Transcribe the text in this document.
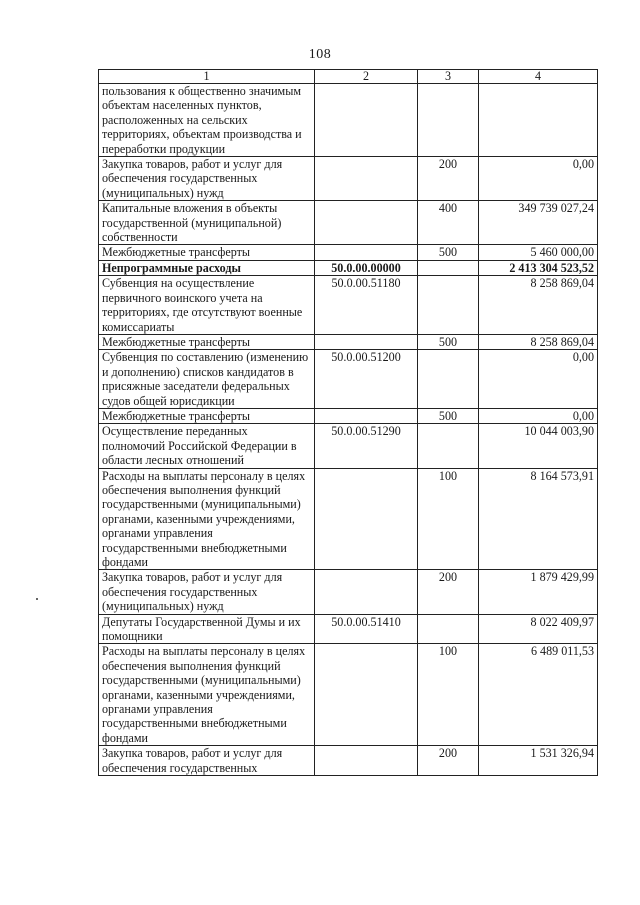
108
1	2	3	4
пользования к общественно значимым объектам населенных пунктов, расположенных на сельских территориях, объектам производства и переработки продукции			
Закупка товаров, работ и услуг для обеспечения государственных (муниципальных) нужд		200	0,00
Капитальные вложения в объекты государственной (муниципальной) собственности		400	349 739 027,24
Межбюджетные трансферты		500	5 460 000,00
Непрограммные расходы	50.0.00.00000		2 413 304 523,52
Субвенция на осуществление первичного воинского учета на территориях, где отсутствуют военные комиссариаты	50.0.00.51180		8 258 869,04
Межбюджетные трансферты		500	8 258 869,04
Субвенция по составлению (изменению и дополнению) списков кандидатов в присяжные заседатели федеральных судов общей юрисдикции	50.0.00.51200		0,00
Межбюджетные трансферты		500	0,00
Осуществление переданных полномочий Российской Федерации в области лесных отношений	50.0.00.51290		10 044 003,90
Расходы на выплаты персоналу в целях обеспечения выполнения функций государственными (муниципальными) органами, казенными учреждениями, органами управления государственными внебюджетными фондами		100	8 164 573,91
Закупка товаров, работ и услуг для обеспечения государственных (муниципальных) нужд		200	1 879 429,99
Депутаты Государственной Думы и их помощники	50.0.00.51410		8 022 409,97
Расходы на выплаты персоналу в целях обеспечения выполнения функций государственными (муниципальными) органами, казенными учреждениями, органами управления государственными внебюджетными фондами		100	6 489 011,53
Закупка товаров, работ и услуг для обеспечения государственных		200	1 531 326,94
